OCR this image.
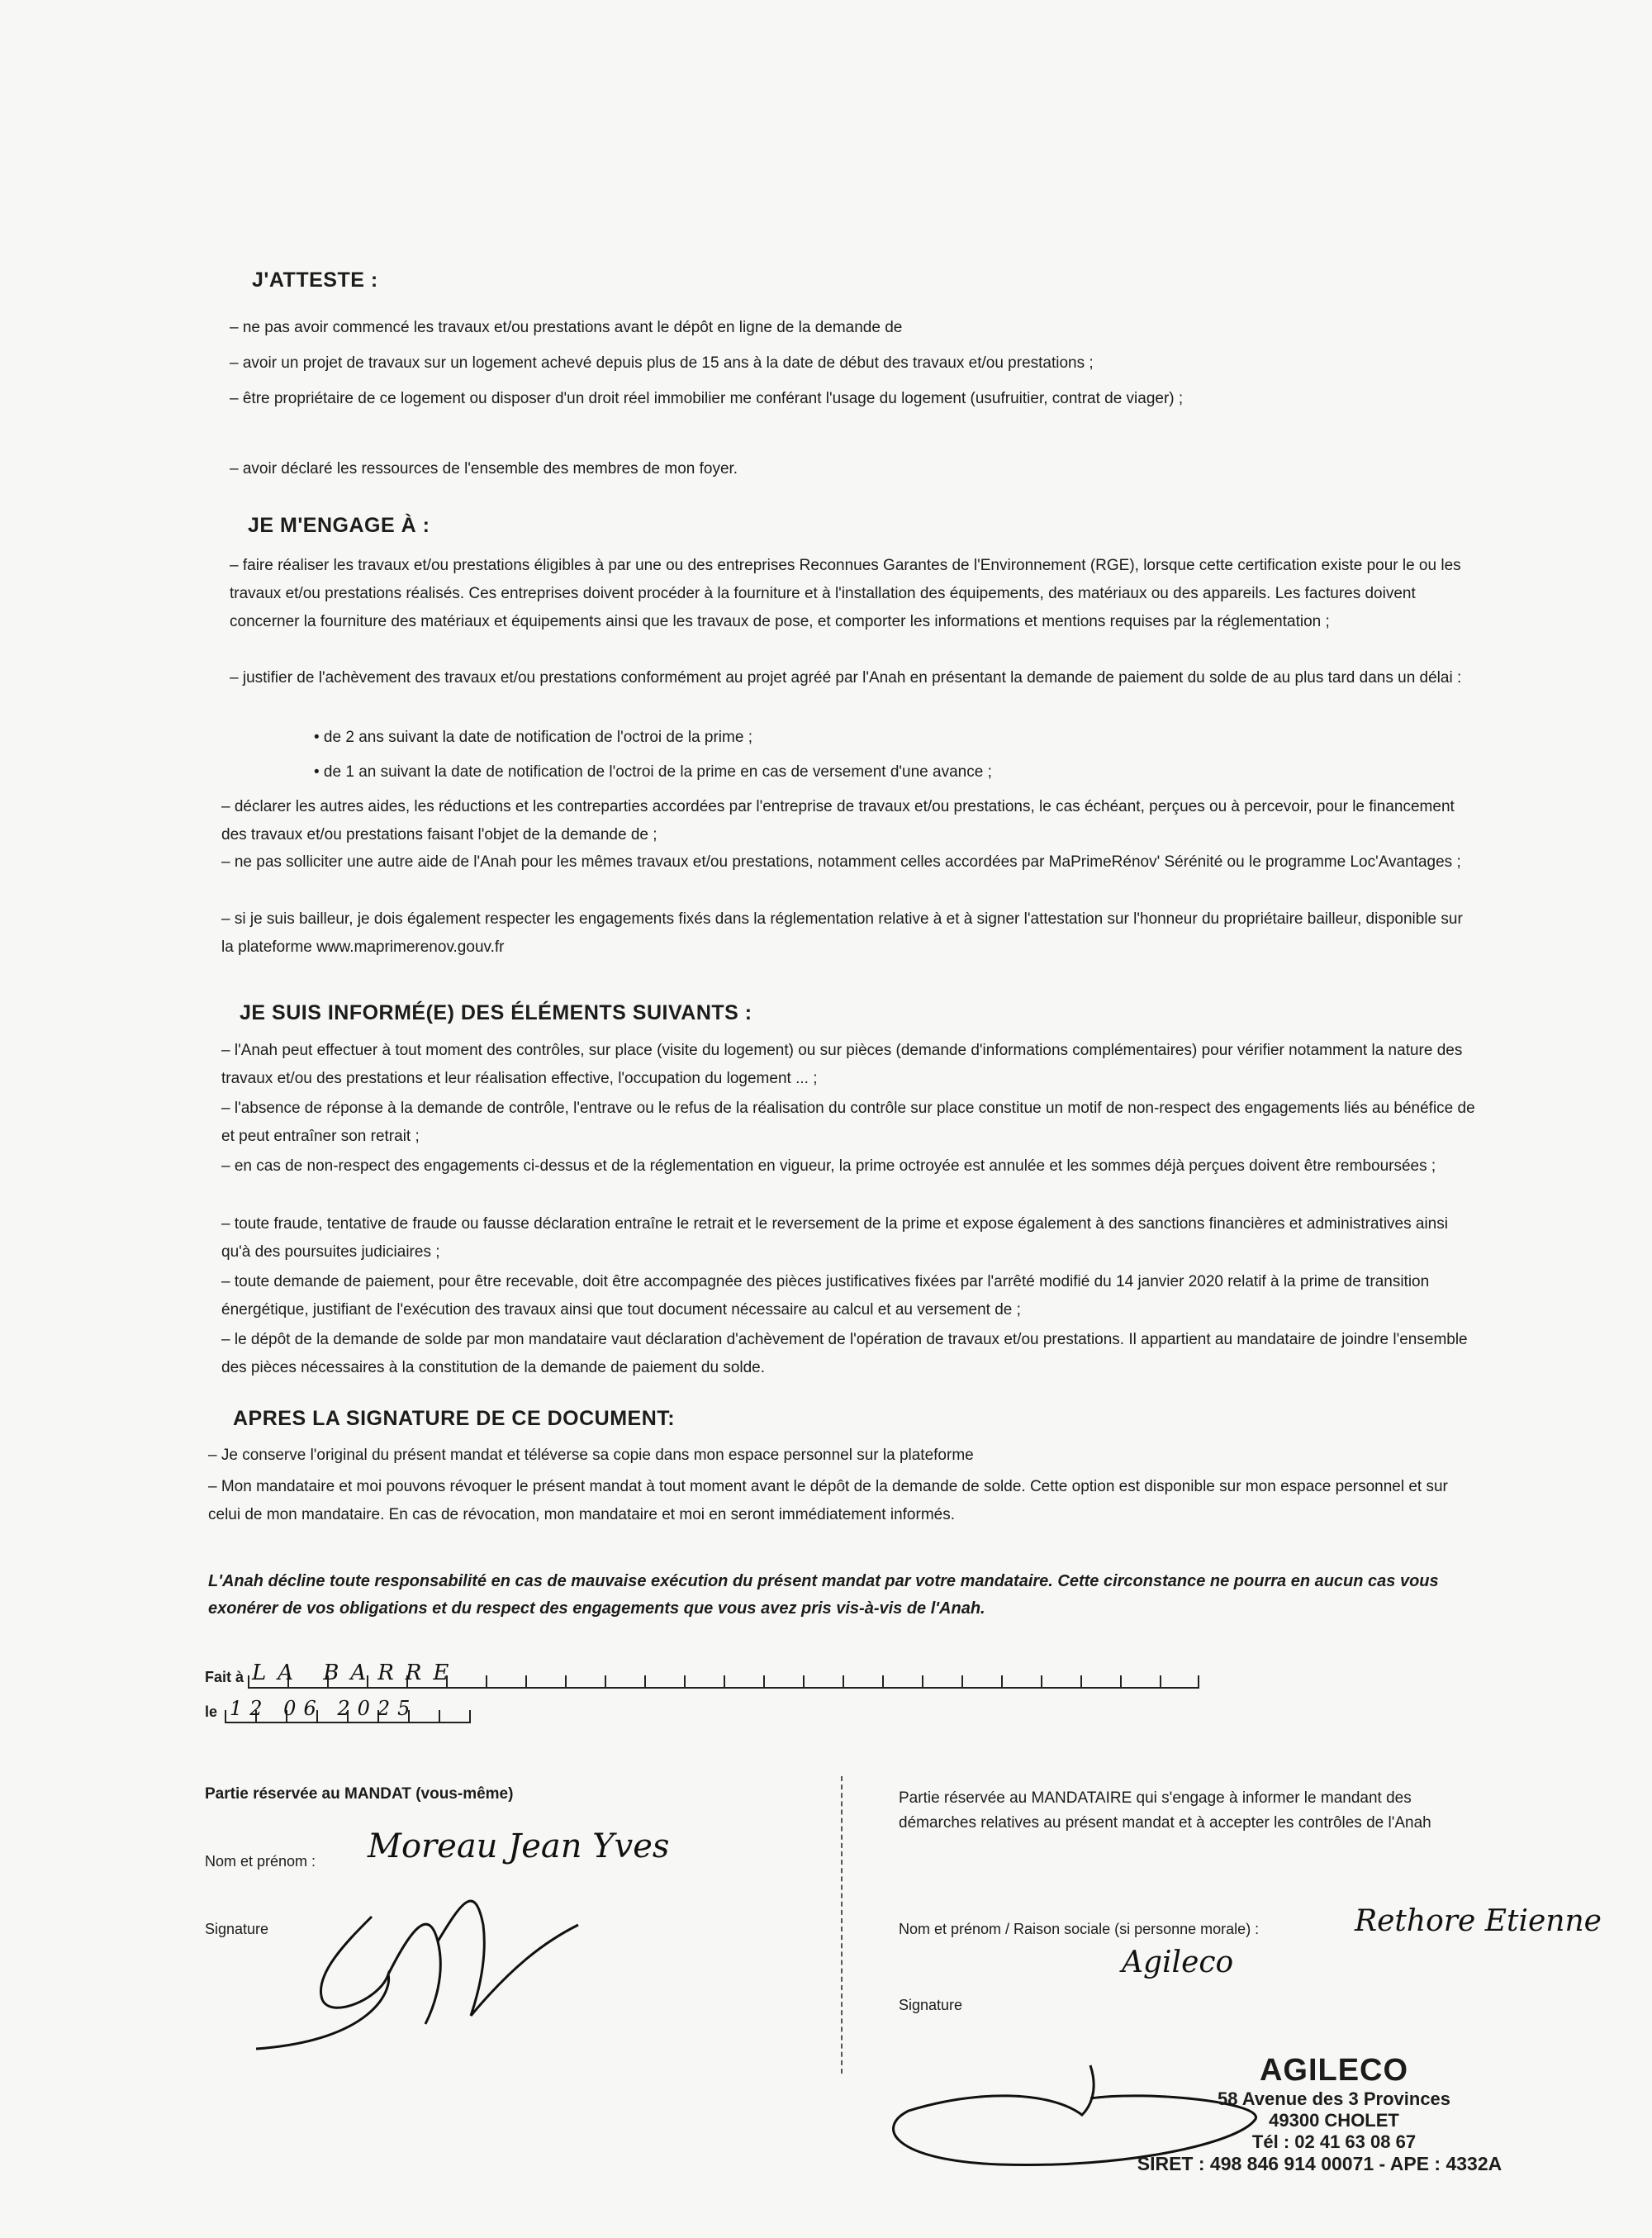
J'ATTESTE :
– ne pas avoir commencé les travaux et/ou prestations avant le dépôt en ligne de la demande de
– avoir un projet de travaux sur un logement achevé depuis plus de 15 ans à la date de début des travaux et/ou prestations ;
– être propriétaire de ce logement ou disposer d'un droit réel immobilier me conférant l'usage du logement (usufruitier, contrat de viager) ;
– avoir déclaré les ressources de l'ensemble des membres de mon foyer.
JE M'ENGAGE À :
– faire réaliser les travaux et/ou prestations éligibles à par une ou des entreprises Reconnues Garantes de l'Environnement (RGE), lorsque cette certification existe pour le ou les travaux et/ou prestations réalisés. Ces entreprises doivent procéder à la fourniture et à l'installation des équipements, des matériaux ou des appareils. Les factures doivent concerner la fourniture des matériaux et équipements ainsi que les travaux de pose, et comporter les informations et mentions requises par la réglementation ;
– justifier de l'achèvement des travaux et/ou prestations conformément au projet agréé par l'Anah en présentant la demande de paiement du solde de au plus tard dans un délai :
• de 2 ans suivant la date de notification de l'octroi de la prime ;
• de 1 an suivant la date de notification de l'octroi de la prime en cas de versement d'une avance ;
– déclarer les autres aides, les réductions et les contreparties accordées par l'entreprise de travaux et/ou prestations, le cas échéant, perçues ou à percevoir, pour le financement des travaux et/ou prestations faisant l'objet de la demande de ;
– ne pas solliciter une autre aide de l'Anah pour les mêmes travaux et/ou prestations, notamment celles accordées par MaPrimeRénov' Sérénité ou le programme Loc'Avantages ;
– si je suis bailleur, je dois également respecter les engagements fixés dans la réglementation relative à et à signer l'attestation sur l'honneur du propriétaire bailleur, disponible sur la plateforme www.maprimerenov.gouv.fr
JE SUIS INFORMÉ(E) DES ÉLÉMENTS SUIVANTS :
– l'Anah peut effectuer à tout moment des contrôles, sur place (visite du logement) ou sur pièces (demande d'informations complémentaires) pour vérifier notamment la nature des travaux et/ou des prestations et leur réalisation effective, l'occupation du logement ... ;
– l'absence de réponse à la demande de contrôle, l'entrave ou le refus de la réalisation du contrôle sur place constitue un motif de non-respect des engagements liés au bénéfice de et peut entraîner son retrait ;
– en cas de non-respect des engagements ci-dessus et de la réglementation en vigueur, la prime octroyée est annulée et les sommes déjà perçues doivent être remboursées ;
– toute fraude, tentative de fraude ou fausse déclaration entraîne le retrait et le reversement de la prime et expose également à des sanctions financières et administratives ainsi qu'à des poursuites judiciaires ;
– toute demande de paiement, pour être recevable, doit être accompagnée des pièces justificatives fixées par l'arrêté modifié du 14 janvier 2020 relatif à la prime de transition énergétique, justifiant de l'exécution des travaux ainsi que tout document nécessaire au calcul et au versement de ;
– le dépôt de la demande de solde par mon mandataire vaut déclaration d'achèvement de l'opération de travaux et/ou prestations. Il appartient au mandataire de joindre l'ensemble des pièces nécessaires à la constitution de la demande de paiement du solde.
APRES LA SIGNATURE DE CE DOCUMENT:
– Je conserve l'original du présent mandat et téléverse sa copie dans mon espace personnel sur la plateforme
– Mon mandataire et moi pouvons révoquer le présent mandat à tout moment avant le dépôt de la demande de solde. Cette option est disponible sur mon espace personnel et sur celui de mon mandataire. En cas de révocation, mon mandataire et moi en seront immédiatement informés.
L'Anah décline toute responsabilité en cas de mauvaise exécution du présent mandat par votre mandataire. Cette circonstance ne pourra en aucun cas vous exonérer de vos obligations et du respect des engagements que vous avez pris vis-à-vis de l'Anah.
Fait à LA BARRE
le 12 06 2025
Partie réservée au MANDAT (vous-même)
Nom et prénom : Moreau Jean Yves
Signature
Partie réservée au MANDATAIRE qui s'engage à informer le mandant des démarches relatives au présent mandat et à accepter les contrôles de l'Anah
Nom et prénom / Raison sociale (si personne morale) :	Rethore Etienne
Agileco
Signature
AGILECO
58 Avenue des 3 Provinces
49300 CHOLET
Tél : 02 41 63 08 67
SIRET : 498 846 914 00071 - APE : 4332A
